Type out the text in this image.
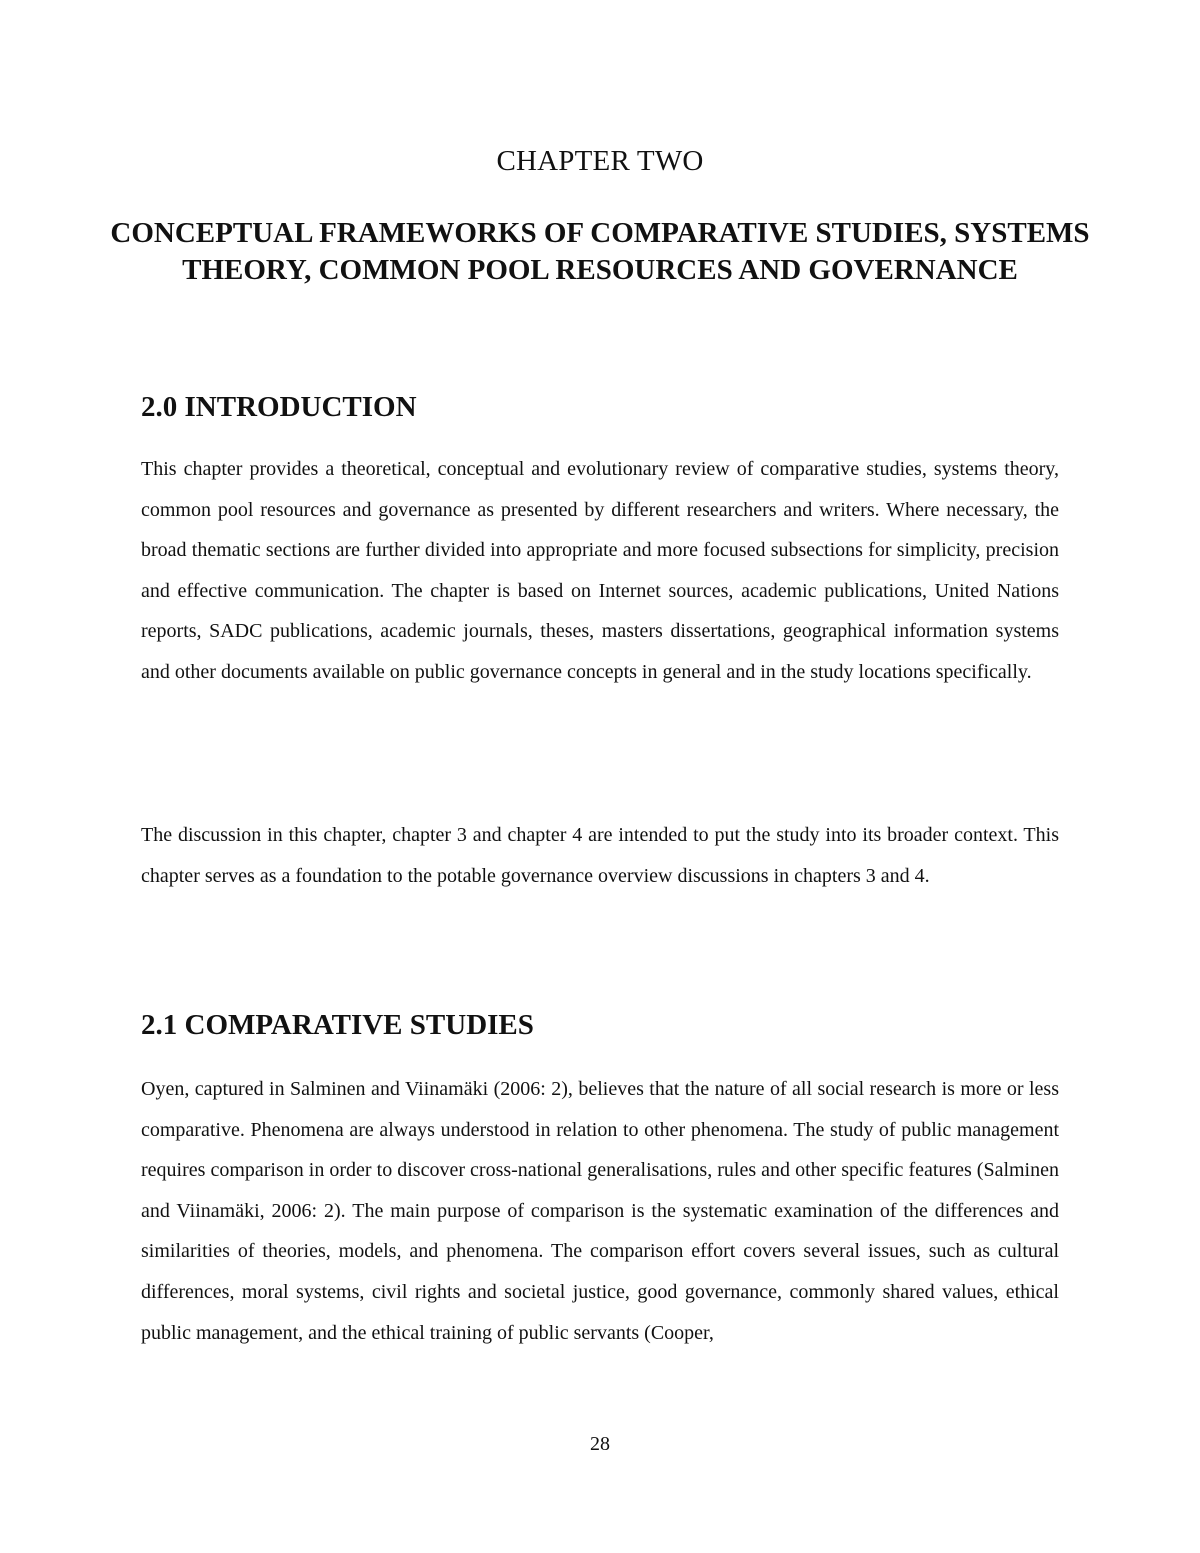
CHAPTER TWO
CONCEPTUAL FRAMEWORKS OF COMPARATIVE STUDIES, SYSTEMS THEORY, COMMON POOL RESOURCES AND GOVERNANCE
2.0 INTRODUCTION

This chapter provides a theoretical, conceptual and evolutionary review of comparative studies, systems theory, common pool resources and governance as presented by different researchers and writers. Where necessary, the broad thematic sections are further divided into appropriate and more focused subsections for simplicity, precision and effective communication. The chapter is based on Internet sources, academic publications, United Nations reports, SADC publications, academic journals, theses, masters dissertations, geographical information systems and other documents available on public governance concepts in general and in the study locations specifically.

The discussion in this chapter, chapter 3 and chapter 4 are intended to put the study into its broader context. This chapter serves as a foundation to the potable governance overview discussions in chapters 3 and 4.

2.1 COMPARATIVE STUDIES

Oyen, captured in Salminen and Viinamäki (2006: 2), believes that the nature of all social research is more or less comparative. Phenomena are always understood in relation to other phenomena. The study of public management requires comparison in order to discover cross-national generalisations, rules and other specific features (Salminen and Viinamäki, 2006: 2). The main purpose of comparison is the systematic examination of the differences and similarities of theories, models, and phenomena. The comparison effort covers several issues, such as cultural differences, moral systems, civil rights and societal justice, good governance, commonly shared values, ethical public management, and the ethical training of public servants (Cooper,

28
